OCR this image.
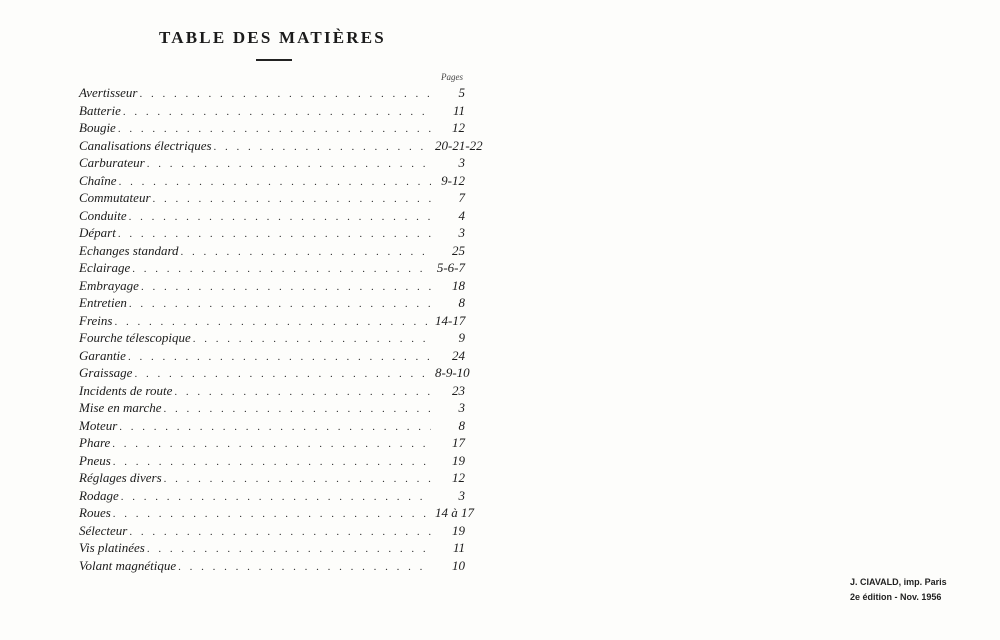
TABLE DES MATIÈRES
Pages
Avertisseur . . .	5
Batterie . . .	11
Bougie . . .	12
Canalisations électriques . . .	20-21-22
Carburateur . . .	3
Chaîne . . .	9-12
Commutateur . . .	7
Conduite . . .	4
Départ . . .	3
Echanges standard . . .	25
Eclairage . . .	5-6-7
Embrayage . . .	18
Entretien . . .	8
Freins . . .	14-17
Fourche télescopique . . .	9
Garantie . . .	24
Graissage . . .	8-9-10
Incidents de route . . .	23
Mise en marche . . .	3
Moteur . . .	8
Phare . . .	17
Pneus . . .	19
Réglages divers . . .	12
Rodage . . .	3
Roues . . .	14 à 17
Sélecteur . . .	19
Vis platinées . . .	11
Volant magnétique . . .	10
J. CIAVALD, imp. Paris
2e édition - Nov. 1956
